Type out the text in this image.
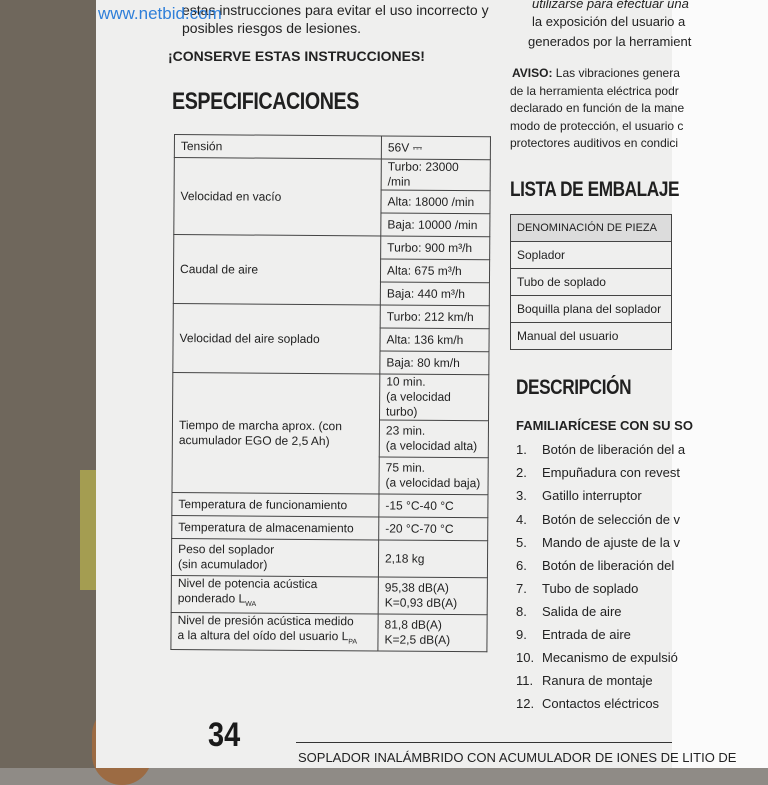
estas instrucciones para evitar el uso incorrecto y
posibles riesgos de lesiones.
¡CONSERVE ESTAS INSTRUCCIONES!
utilizarse para efectuar una
la exposición del usuario a
generados por la herramient
AVISO: Las vibraciones genera
de la herramienta eléctrica podr
declarado en función de la mane
modo de protección, el usuario c
protectores auditivos en condici
ESPECIFICACIONES
Tensión	56V ⎓
Velocidad en vacío	Turbo: 23000 /min
	Alta: 18000 /min
	Baja: 10000 /min
Caudal de aire	Turbo: 900 m³/h
	Alta: 675 m³/h
	Baja: 440 m³/h
Velocidad del aire soplado	Turbo: 212 km/h
	Alta: 136 km/h
	Baja: 80 km/h
Tiempo de marcha aprox. (con
acumulador EGO de 2,5 Ah)	10 min.
(a velocidad turbo)
	23 min.
(a velocidad alta)
	75 min.
(a velocidad baja)
Temperatura de funcionamiento	-15 °C-40 °C
Temperatura de almacenamiento	-20 °C-70 °C
Peso del soplador
(sin acumulador)	2,18 kg
Nivel de potencia acústica
ponderado $L_{WA}$	95,38 dB(A)
K=0,93 dB(A)
Nivel de presión acústica medido
a la altura del oído del usuario $L_{PA}$	81,8 dB(A)
K=2,5 dB(A)
LISTA DE EMBALAJE
DENOMINACIÓN DE PIEZA
Soplador
Tubo de soplado
Boquilla plana del soplador
Manual del usuario
DESCRIPCIÓN
FAMILIARÍCESE CON SU SO
1. Botón de liberación del a
2. Empuñadura con revest
3. Gatillo interruptor
4. Botón de selección de v
5. Mando de ajuste de la v
6. Botón de liberación del
7. Tubo de soplado
8. Salida de aire
9. Entrada de aire
10. Mecanismo de expulsió
11. Ranura de montaje
12. Contactos eléctricos
34
SOPLADOR INALÁMBRIDO CON ACUMULADOR DE IONES DE LITIO DE
www.netbid.com
